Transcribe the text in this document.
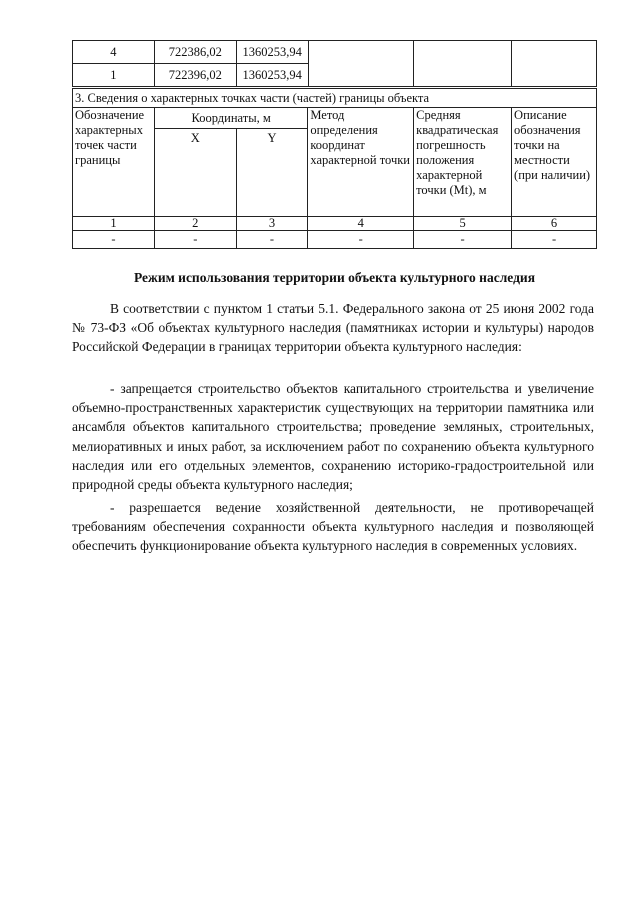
4	722386,02	1360253,94			
1	722396,02	1360253,94			
3. Сведения о характерных точках части (частей) границы объекта					
Обозначение характерных точек части границы	Координаты, м		Метод определения координат характерной точки	Средняя квадратическая погрешность положения характерной точки (Mt), м	Описание обозначения точки на местности (при наличии)
	X	Y			
1	2	3	4	5	6
-	-	-	-	-	-
Режим использования территории объекта культурного наследия

В соответствии с пунктом 1 статьи 5.1. Федерального закона от 25 июня 2002 года № 73-ФЗ «Об объектах культурного наследия (памятниках истории и культуры) народов Российской Федерации в границах территории объекта культурного наследия:

- запрещается строительство объектов капитального строительства и увеличение объемно-пространственных характеристик существующих на территории памятника или ансамбля объектов капитального строительства; проведение земляных, строительных, мелиоративных и иных работ, за исключением работ по сохранению объекта культурного наследия или его отдельных элементов, сохранению историко-градостроительной или природной среды объекта культурного наследия;

- разрешается ведение хозяйственной деятельности, не противоречащей требованиям обеспечения сохранности объекта культурного наследия и позволяющей обеспечить функционирование объекта культурного наследия в современных условиях.
